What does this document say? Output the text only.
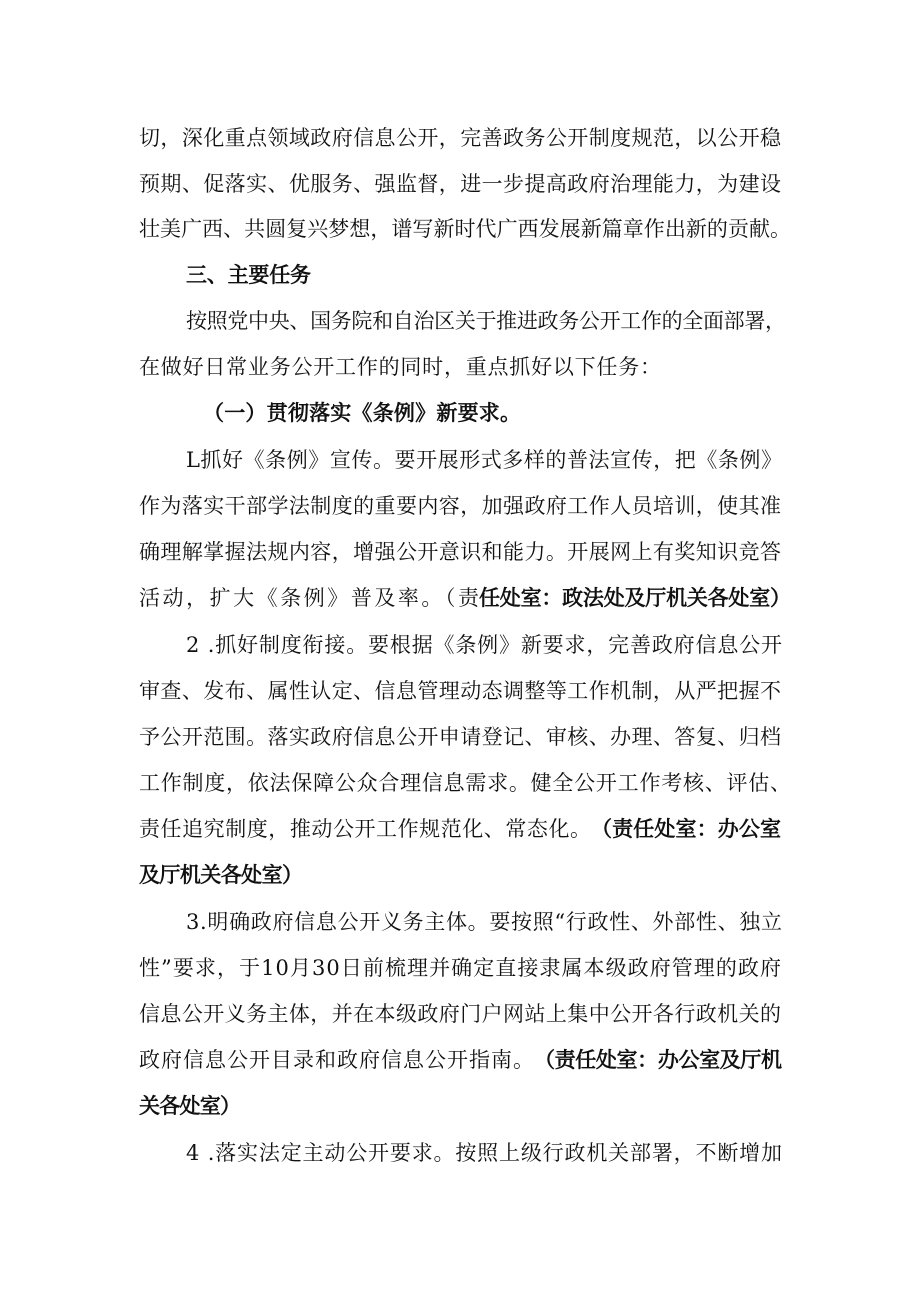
切，深化重点领域政府信息公开，完善政务公开制度规范，以公开稳
预期、促落实、优服务、强监督，进一步提高政府治理能力，为建设
壮美广西、共圆复兴梦想，谱写新时代广西发展新篇章作出新的贡献。
三、主要任务
按照党中央、国务院和自治区关于推进政务公开工作的全面部署，
在做好日常业务公开工作的同时，重点抓好以下任务：
（一）贯彻落实《条例》新要求。
L抓好《条例》宣传。要开展形式多样的普法宣传，把《条例》
作为落实干部学法制度的重要内容，加强政府工作人员培训，使其准
确理解掌握法规内容，增强公开意识和能力。开展网上有奖知识竞答
活动，扩大《条例》普及率。（责任处室：政法处及厅机关各处室）
2 .抓好制度衔接。要根据《条例》新要求，完善政府信息公开
审查、发布、属性认定、信息管理动态调整等工作机制，从严把握不
予公开范围。落实政府信息公开申请登记、审核、办理、答复、归档
工作制度，依法保障公众合理信息需求。健全公开工作考核、评估、
责任追究制度，推动公开工作规范化、常态化。（责任处室：办公室
及厅机关各处室）
3.明确政府信息公开义务主体。要按照“行政性、外部性、独立
性”要求，于10月30日前梳理并确定直接隶属本级政府管理的政府
信息公开义务主体，并在本级政府门户网站上集中公开各行政机关的
政府信息公开目录和政府信息公开指南。（责任处室：办公室及厅机
关各处室）
4 .落实法定主动公开要求。按照上级行政机关部署，不断增加
